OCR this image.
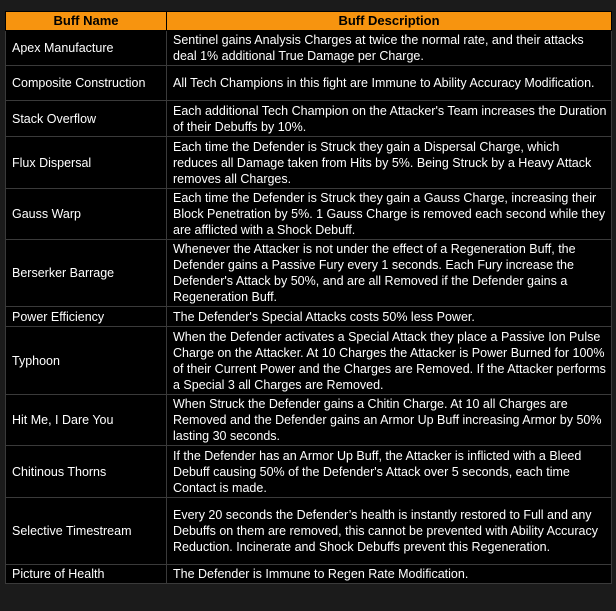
Buff Name	Buff Description
Apex Manufacture	Sentinel gains Analysis Charges at twice the normal rate, and their attacks deal 1% additional True Damage per Charge.
Composite Construction	All Tech Champions in this fight are Immune to Ability Accuracy Modification.
Stack Overflow	Each additional Tech Champion on the Attacker's Team increases the Duration of their Debuffs by 10%.
Flux Dispersal	Each time the Defender is Struck they gain a Dispersal Charge, which reduces all Damage taken from Hits by 5%. Being Struck by a Heavy Attack removes all Charges.
Gauss Warp	Each time the Defender is Struck they gain a Gauss Charge, increasing their Block Penetration by 5%. 1 Gauss Charge is removed each second while they are afflicted with a Shock Debuff.
Berserker Barrage	Whenever the Attacker is not under the effect of a Regeneration Buff, the Defender gains a Passive Fury every 1 seconds. Each Fury increase the Defender's Attack by 50%, and are all Removed if the Defender gains a Regeneration Buff.
Power Efficiency	The Defender's Special Attacks costs 50% less Power.
Typhoon	When the Defender activates a Special Attack they place a Passive Ion Pulse Charge on the Attacker. At 10 Charges the Attacker is Power Burned for 100% of their Current Power and the Charges are Removed. If the Attacker performs a Special 3 all Charges are Removed.
Hit Me, I Dare You	When Struck the Defender gains a Chitin Charge. At 10 all Charges are Removed and the Defender gains an Armor Up Buff increasing Armor by 50% lasting 30 seconds.
Chitinous Thorns	If the Defender has an Armor Up Buff, the Attacker is inflicted with a Bleed Debuff causing 50% of the Defender's Attack over 5 seconds, each time Contact is made.
Selective Timestream	Every 20 seconds the Defender’s health is instantly restored to Full and any Debuffs on them are removed, this cannot be prevented with Ability Accuracy Reduction. Incinerate and Shock Debuffs prevent this Regeneration.
Picture of Health	The Defender is Immune to Regen Rate Modification.
